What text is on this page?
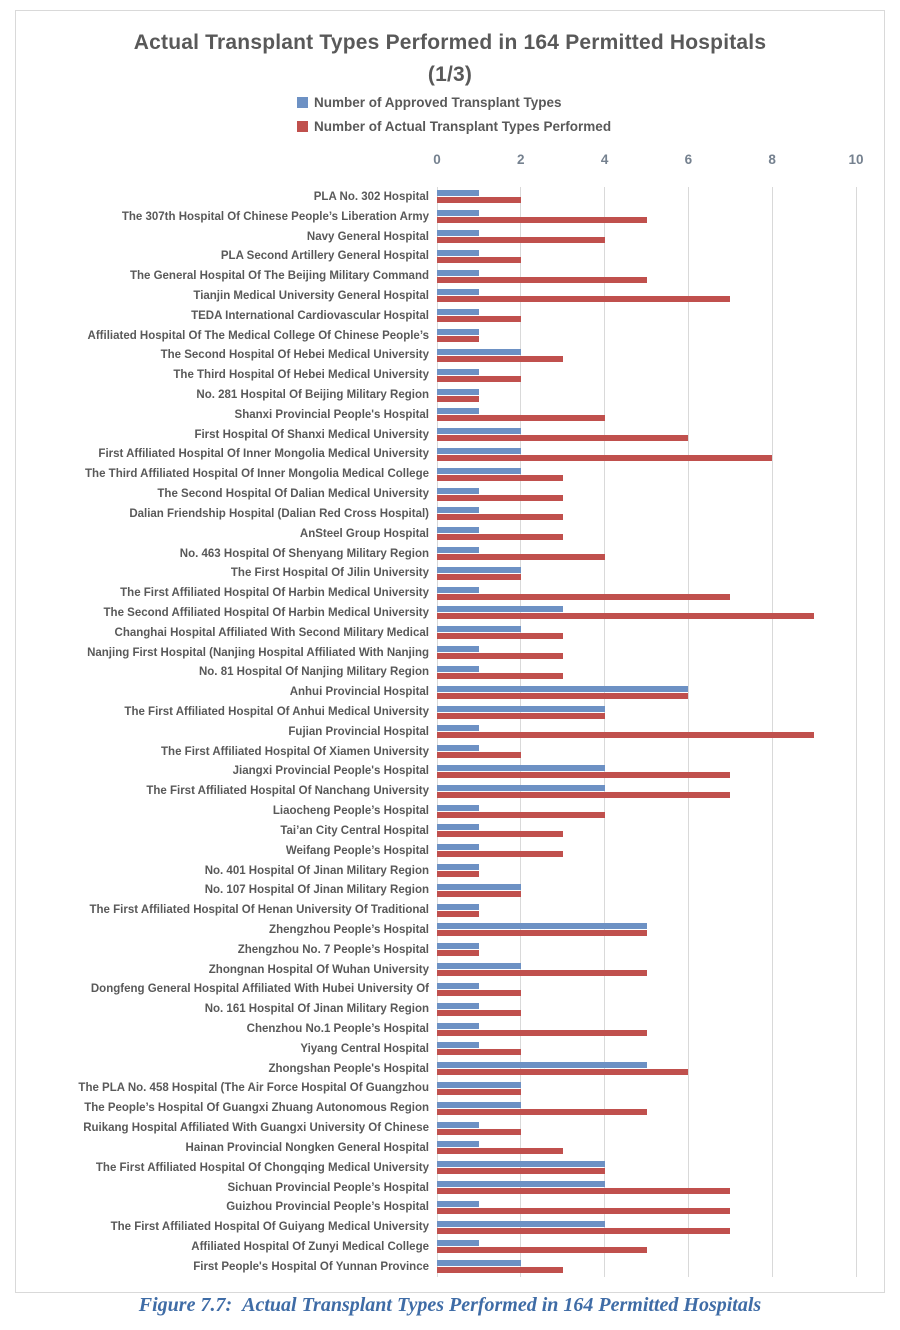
Actual Transplant Types Performed in 164 Permitted Hospitals
(1/3)
Number of Approved Transplant Types
Number of Actual Transplant Types Performed
0	2	4	6	8	10
PLA No. 302 Hospital
The 307th Hospital Of Chinese People’s Liberation Army
Navy General Hospital
PLA Second Artillery General Hospital
The General Hospital Of The Beijing Military Command
Tianjin Medical University General Hospital
TEDA International Cardiovascular Hospital
Affiliated Hospital Of The Medical College Of Chinese People’s
The Second Hospital Of Hebei Medical University
The Third Hospital Of Hebei Medical University
No. 281 Hospital Of Beijing Military Region
Shanxi Provincial People's Hospital
First Hospital Of Shanxi Medical University
First Affiliated Hospital Of Inner Mongolia Medical University
The Third Affiliated Hospital Of Inner Mongolia Medical College
The Second Hospital Of Dalian Medical University
Dalian Friendship Hospital (Dalian Red Cross Hospital)
AnSteel Group Hospital
No. 463 Hospital Of Shenyang Military Region
The First Hospital Of Jilin University
The First Affiliated Hospital Of Harbin Medical University
The Second Affiliated Hospital Of Harbin Medical University
Changhai Hospital Affiliated With Second Military Medical
Nanjing First Hospital (Nanjing Hospital Affiliated With Nanjing
No. 81 Hospital Of Nanjing Military Region
Anhui Provincial Hospital
The First Affiliated Hospital Of Anhui Medical University
Fujian Provincial Hospital
The First Affiliated Hospital Of Xiamen University
Jiangxi Provincial People's Hospital
The First Affiliated Hospital Of Nanchang University
Liaocheng People’s Hospital
Tai’an City Central Hospital
Weifang People’s Hospital
No. 401 Hospital Of Jinan Military Region
No. 107 Hospital Of Jinan Military Region
The First Affiliated Hospital Of Henan University Of Traditional
Zhengzhou People’s Hospital
Zhengzhou No. 7 People’s Hospital
Zhongnan Hospital Of Wuhan University
Dongfeng General Hospital Affiliated With Hubei University Of
No. 161 Hospital Of Jinan Military Region
Chenzhou No.1 People’s Hospital
Yiyang Central Hospital
Zhongshan People's Hospital
The PLA No. 458 Hospital (The Air Force Hospital Of Guangzhou
The People’s Hospital Of Guangxi Zhuang Autonomous Region
Ruikang Hospital Affiliated With Guangxi University Of Chinese
Hainan Provincial Nongken General Hospital
The First Affiliated Hospital Of Chongqing Medical University
Sichuan Provincial People’s Hospital
Guizhou Provincial People’s Hospital
The First Affiliated Hospital Of Guiyang Medical University
Affiliated Hospital Of Zunyi Medical College
First People's Hospital Of Yunnan Province
Figure 7.7: Actual Transplant Types Performed in 164 Permitted Hospitals
